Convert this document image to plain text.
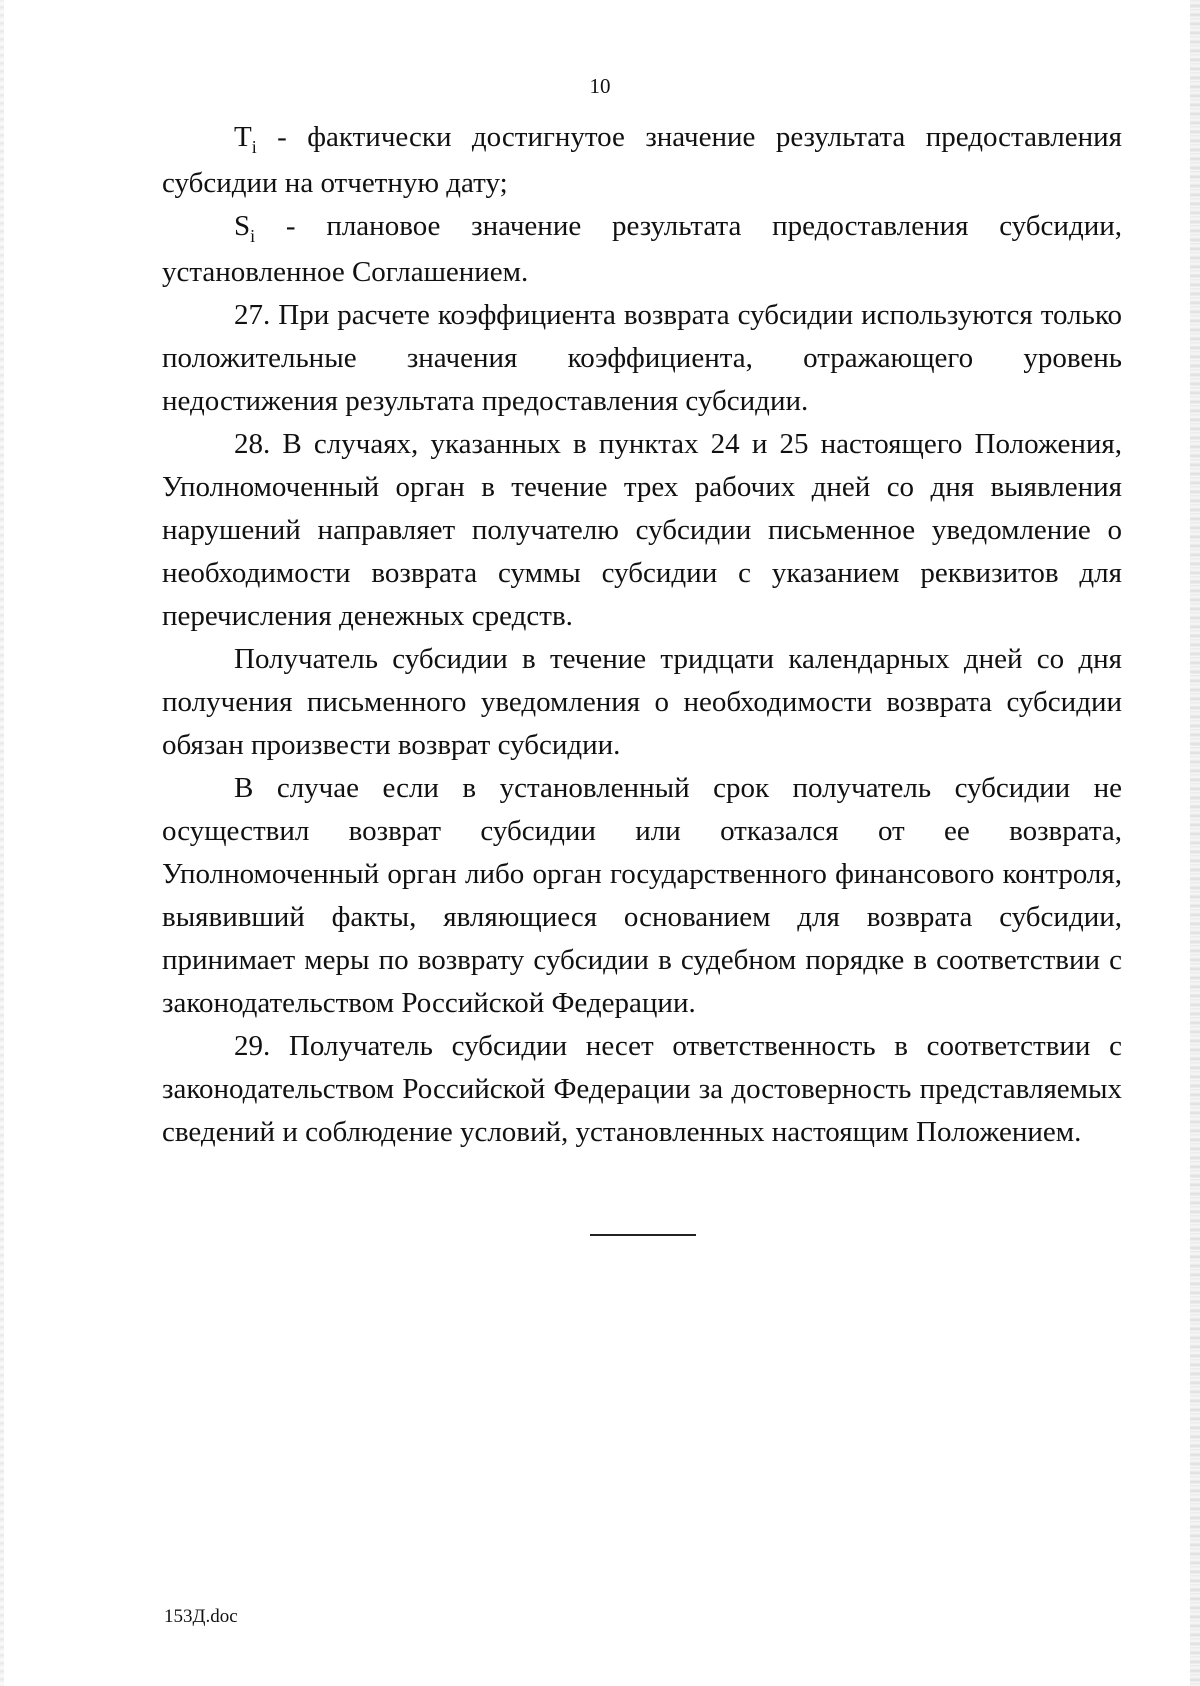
10

$T_i$ - фактически достигнутое значение результата предоставления субсидии на отчетную дату;

$S_i$ - плановое значение результата предоставления субсидии, установленное Соглашением.

27. При расчете коэффициента возврата субсидии используются только положительные значения коэффициента, отражающего уровень недостижения результата предоставления субсидии.

28. В случаях, указанных в пунктах 24 и 25 настоящего Положения, Уполномоченный орган в течение трех рабочих дней со дня выявления нарушений направляет получателю субсидии письменное уведомление о необходимости возврата суммы субсидии с указанием реквизитов для перечисления денежных средств.

Получатель субсидии в течение тридцати календарных дней со дня получения письменного уведомления о необходимости возврата субсидии обязан произвести возврат субсидии.

В случае если в установленный срок получатель субсидии не осуществил возврат субсидии или отказался от ее возврата, Уполномоченный орган либо орган государственного финансового контроля, выявивший факты, являющиеся основанием для возврата субсидии, принимает меры по возврату субсидии в судебном порядке в соответствии с законодательством Российской Федерации.

29. Получатель субсидии несет ответственность в соответствии с законодательством Российской Федерации за достоверность представляемых сведений и соблюдение условий, установленных настоящим Положением.

153Д.doc
